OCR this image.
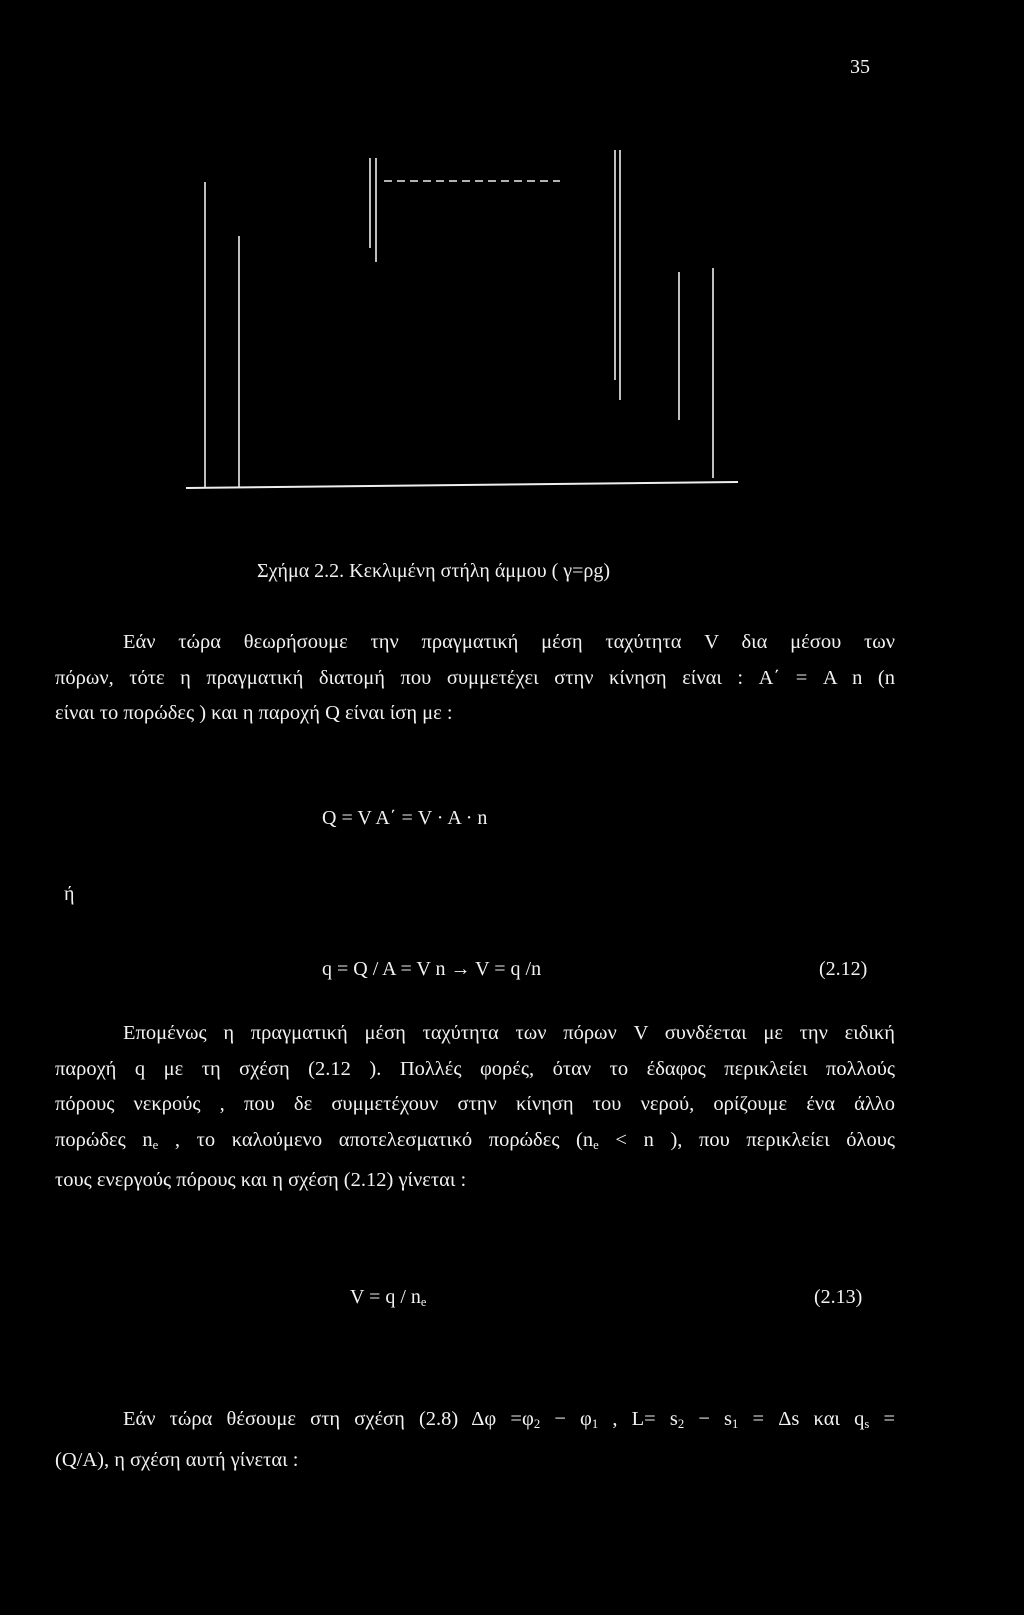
35
Σχήμα 2.2. Κεκλιμένη στήλη άμμου ( γ=ρg)
Εάν τώρα θεωρήσουμε την πραγματική μέση ταχύτητα V δια μέσου των
πόρων, τότε η πραγματική διατομή που συμμετέχει στην κίνηση είναι : A΄ = A n (n
είναι το πορώδες ) και η παροχή Q είναι ίση με :
Q = V A΄ = V · A · n
ή
q = Q / A = V n → V = q /n	(2.12)
Επομένως η πραγματική μέση ταχύτητα των πόρων V συνδέεται με την ειδική
παροχή q με τη σχέση (2.12 ). Πολλές φορές, όταν το έδαφος περικλείει πολλούς
πόρους νεκρούς , που δε συμμετέχουν στην κίνηση του νερού, ορίζουμε ένα άλλο
πορώδες $n_e$ , το καλούμενο αποτελεσματικό πορώδες ($n_e < n$ ), που περικλείει όλους
τους ενεργούς πόρους και η σχέση (2.12) γίνεται :
$V = q / n_e$	(2.13)
Εάν τώρα θέσουμε στη σχέση (2.8) $\Delta\varphi =\varphi_2 - \varphi_1$ , $L= s_2 - s_1 = \Delta s$ και $q_s$ =
(Q/A), η σχέση αυτή γίνεται :
